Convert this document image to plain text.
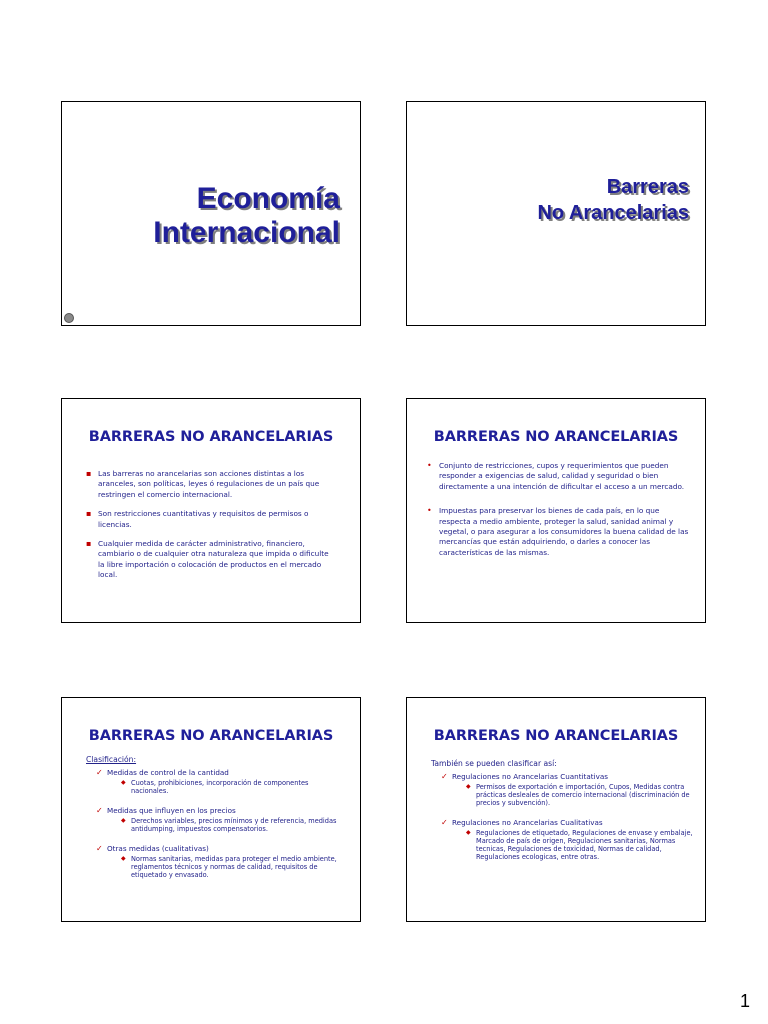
Economía
Internacional
Barreras
No Arancelarias
BARRERAS NO ARANCELARIAS
▪ Las barreras no arancelarias son acciones distintas a los aranceles, son políticas, leyes ó regulaciones de un país que restringen el comercio internacional.
▪ Son restricciones cuantitativas y requisitos de permisos o licencias.
▪ Cualquier medida de carácter administrativo, financiero, cambiario o de cualquier otra naturaleza que impida o dificulte la libre importación o colocación de productos en el mercado local.
BARRERAS NO ARANCELARIAS
• Conjunto de restricciones, cupos y requerimientos que pueden responder a exigencias de salud, calidad y seguridad o bien directamente a una intención de dificultar el acceso a un mercado.
• Impuestas para preservar los bienes de cada país, en lo que respecta a medio ambiente, proteger la salud, sanidad animal y vegetal, o para asegurar a los consumidores la buena calidad de las mercancías que están adquiriendo, o darles a conocer las características de las mismas.
BARRERAS NO ARANCELARIAS
Clasificación:
✓ Medidas de control de la cantidad
◆ Cuotas, prohibiciones, incorporación de componentes nacionales.
✓ Medidas que influyen en los precios
◆ Derechos variables, precios mínimos y de referencia, medidas antidumping, impuestos compensatorios.
✓ Otras medidas (cualitativas)
◆ Normas sanitarias, medidas para proteger el medio ambiente, reglamentos técnicos y normas de calidad, requisitos de etiquetado y envasado.
BARRERAS NO ARANCELARIAS
También se pueden clasificar así:
✓ Regulaciones no Arancelarias Cuantitativas
◆ Permisos de exportación e importación, Cupos, Medidas contra prácticas desleales de comercio internacional (discriminación de precios y subvención).
✓ Regulaciones no Arancelarias Cualitativas
◆ Regulaciones de etiquetado, Regulaciones de envase y embalaje, Marcado de país de origen, Regulaciones sanitarias, Normas tecnicas, Regulaciones de toxicidad, Normas de calidad, Regulaciones ecologicas, entre otras.
1
